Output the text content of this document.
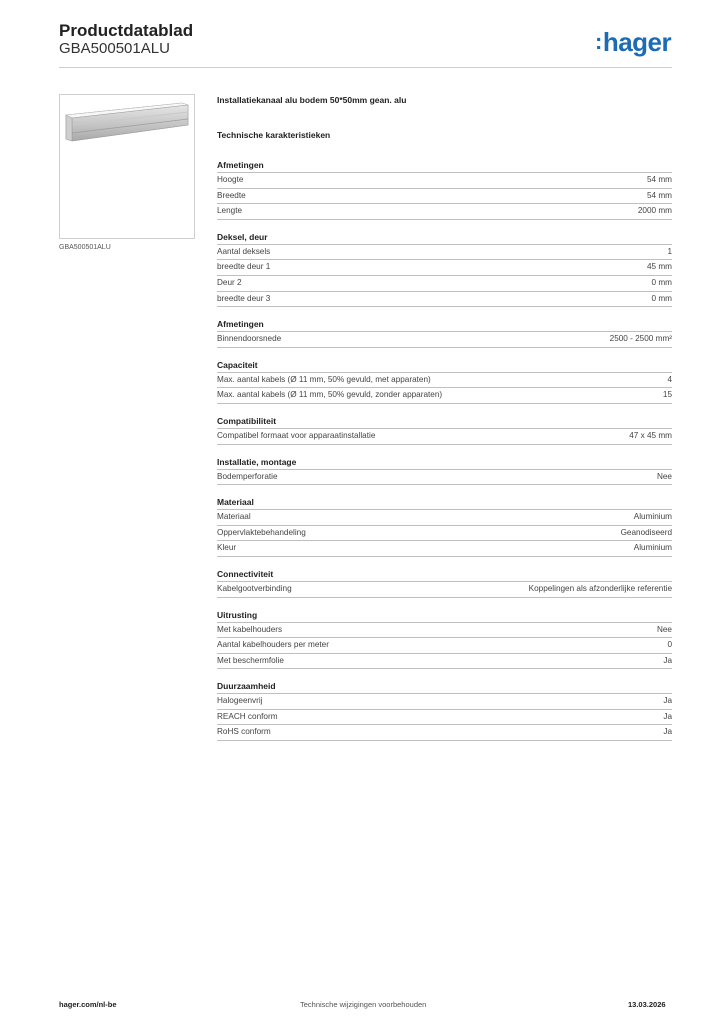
Productdatablad
GBA500501ALU	:hager
GBA500501ALU
Installatiekanaal alu bodem 50*50mm gean. alu
Technische karakteristieken
Afmetingen
Hoogte	54 mm
Breedte	54 mm
Lengte	2000 mm
Deksel, deur
Aantal deksels	1
breedte deur 1	45 mm
Deur 2	0 mm
breedte deur 3	0 mm
Afmetingen
Binnendoorsnede	2500 - 2500 mm²
Capaciteit
Max. aantal kabels (Ø 11 mm, 50% gevuld, met apparaten)	4
Max. aantal kabels (Ø 11 mm, 50% gevuld, zonder apparaten)	15
Compatibiliteit
Compatibel formaat voor apparaatinstallatie	47 x 45 mm
Installatie, montage
Bodemperforatie	Nee
Materiaal
Materiaal	Aluminium
Oppervlaktebehandeling	Geanodiseerd
Kleur	Aluminium
Connectiviteit
Kabelgootverbinding	Koppelingen als afzonderlijke referentie
Uitrusting
Met kabelhouders	Nee
Aantal kabelhouders per meter	0
Met beschermfolie	Ja
Duurzaamheid
Halogeenvrij	Ja
REACH conform	Ja
RoHS conform	Ja
hager.com/nl-be	Technische wijzigingen voorbehouden	13.03.2026
